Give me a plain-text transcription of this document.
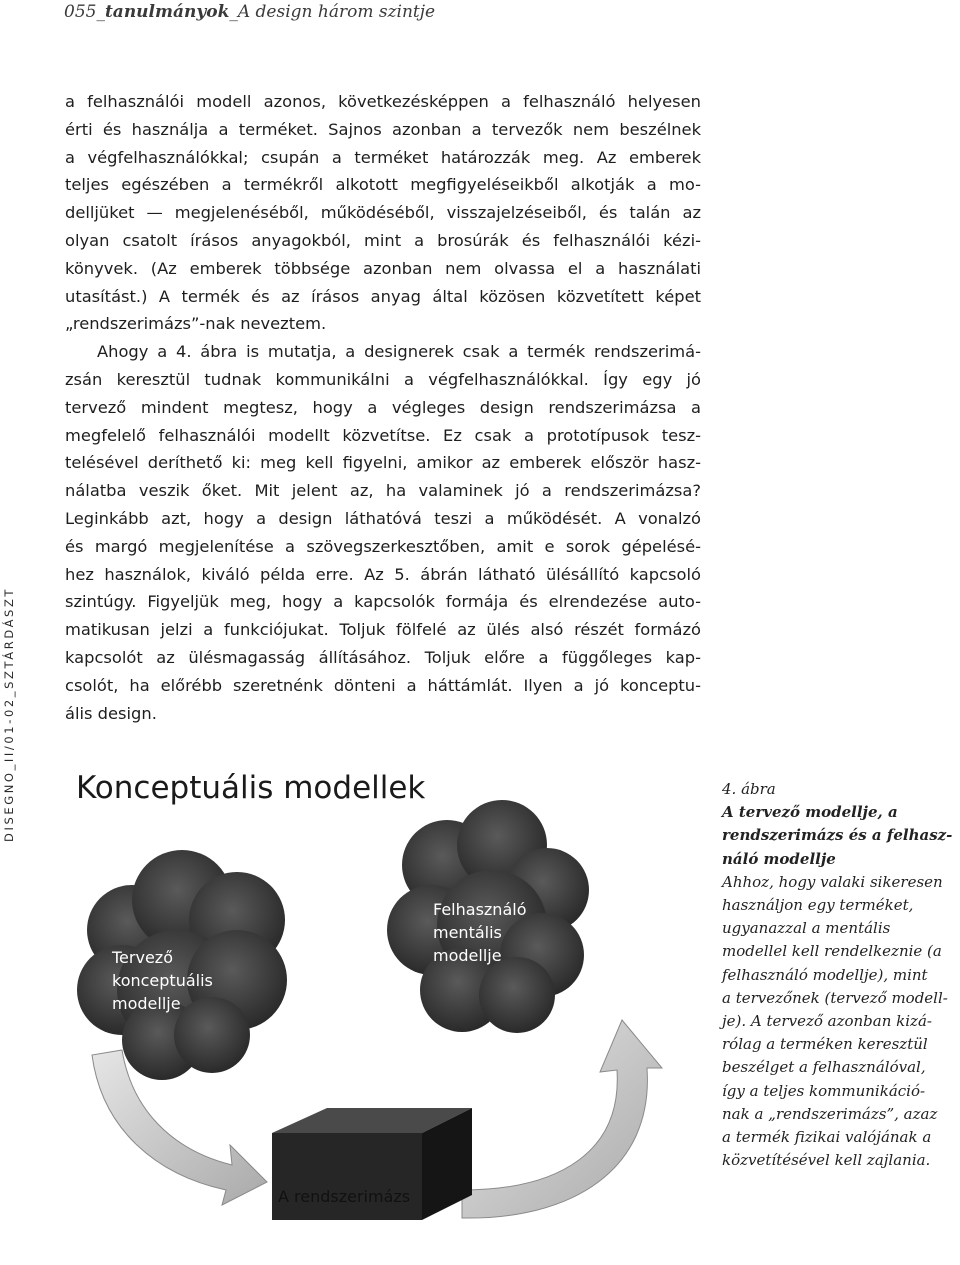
055_tanulmányok_A design három szintje
DISEGNO_II/01-02_SZTÁRDÁSZT
a felhasználói modell azonos, következésképpen a felhasználó helyesen
érti és használja a terméket. Sajnos azonban a tervezők nem beszélnek
a végfelhasználókkal; csupán a terméket határozzák meg. Az emberek
teljes egészében a termékről alkotott megfigyeléseikből alkotják a mo-
delljüket — megjelenéséből, működéséből, visszajelzéseiből, és talán az
olyan csatolt írásos anyagokból, mint a brosúrák és felhasználói kézi-
könyvek. (Az emberek többsége azonban nem olvassa el a használati
utasítást.) A termék és az írásos anyag által közösen közvetített képet
„rendszerimázs”-nak neveztem.
Ahogy a 4. ábra is mutatja, a designerek csak a termék rendszerimá-
zsán keresztül tudnak kommunikálni a végfelhasználókkal. Így egy jó
tervező mindent megtesz, hogy a végleges design rendszerimázsa a
megfelelő felhasználói modellt közvetítse. Ez csak a prototípusok tesz-
telésével deríthető ki: meg kell figyelni, amikor az emberek először hasz-
nálatba veszik őket. Mit jelent az, ha valaminek jó a rendszerimázsa?
Leginkább azt, hogy a design láthatóvá teszi a működését. A vonalzó
és margó megjelenítése a szövegszerkesztőben, amit e sorok gépelésé-
hez használok, kiváló példa erre. Az 5. ábrán látható ülésállító kapcsoló
szintúgy. Figyeljük meg, hogy a kapcsolók formája és elrendezése auto-
matikusan jelzi a funkciójukat. Toljuk fölfelé az ülés alsó részét formázó
kapcsolót az ülésmagasság állításához. Toljuk előre a függőleges kap-
csolót, ha előrébb szeretnénk dönteni a háttámlát. Ilyen a jó konceptu-
ális design.
Konceptuális modellek
Tervező konceptuális modellje
Felhasználó mentális modellje
A rendszerimázs
4. ábra
A tervező modellje, a
rendszerimázs és a felhasz-
náló modellje
Ahhoz, hogy valaki sikeresen
használjon egy terméket,
ugyanazzal a mentális
modellel kell rendelkeznie (a
felhasználó modellje), mint
a tervezőnek (tervező modell-
je). A tervező azonban kizá-
rólag a terméken keresztül
beszélget a felhasználóval,
így a teljes kommunikáció-
nak a „rendszerimázs”, azaz
a termék fizikai valójának a
közvetítésével kell zajlania.
